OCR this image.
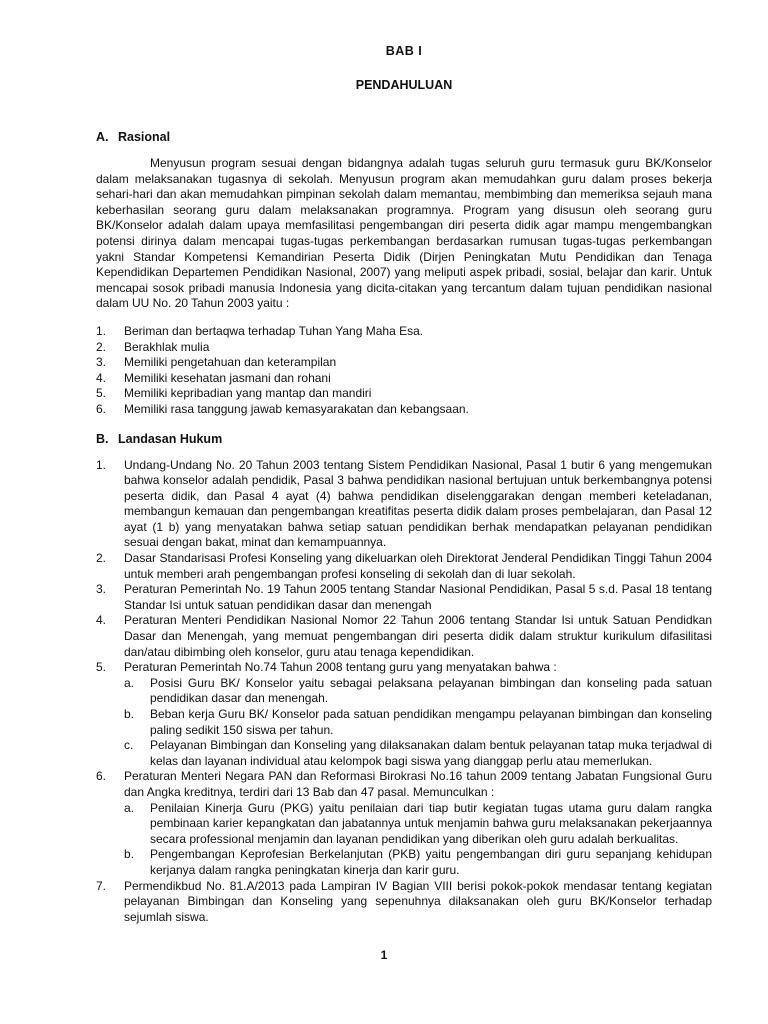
BAB I
PENDAHULUAN
A. Rasional

Menyusun program sesuai dengan bidangnya adalah tugas seluruh guru termasuk guru BK/Konselor dalam melaksanakan tugasnya di sekolah. Menyusun program akan memudahkan guru dalam proses bekerja sehari-hari dan akan memudahkan pimpinan sekolah dalam memantau, membimbing dan memeriksa sejauh mana keberhasilan seorang guru dalam melaksanakan programnya. Program yang disusun oleh seorang guru BK/Konselor adalah dalam upaya memfasilitasi pengembangan diri peserta didik agar mampu mengembangkan potensi dirinya dalam mencapai tugas-tugas perkembangan berdasarkan rumusan tugas-tugas perkembangan yakni Standar Kompetensi Kemandirian Peserta Didik (Dirjen Peningkatan Mutu Pendidikan dan Tenaga Kependidikan Departemen Pendidikan Nasional, 2007) yang meliputi aspek pribadi, sosial, belajar dan karir. Untuk mencapai sosok pribadi manusia Indonesia yang dicita-citakan yang tercantum dalam tujuan pendidikan nasional dalam UU No. 20 Tahun 2003 yaitu :

1.	Beriman dan bertaqwa terhadap Tuhan Yang Maha Esa.
2.	Berakhlak mulia
3.	Memiliki pengetahuan dan keterampilan
4.	Memiliki kesehatan jasmani dan rohani
5.	Memiliki kepribadian yang mantap dan mandiri
6.	Memiliki rasa tanggung jawab kemasyarakatan dan kebangsaan.
B. Landasan Hukum
1.	Undang-Undang No. 20 Tahun 2003 tentang Sistem Pendidikan Nasional, Pasal 1 butir 6 yang mengemukan bahwa konselor adalah pendidik, Pasal 3 bahwa pendidikan nasional bertujuan untuk berkembangnya potensi peserta didik, dan Pasal 4 ayat (4) bahwa pendidikan diselenggarakan dengan memberi keteladanan, membangun kemauan dan pengembangan kreatifitas peserta didik dalam proses pembelajaran, dan Pasal 12 ayat (1 b) yang menyatakan bahwa setiap satuan pendidikan berhak mendapatkan pelayanan pendidikan sesuai dengan bakat, minat dan kemampuannya.
2.	Dasar Standarisasi Profesi Konseling yang dikeluarkan oleh Direktorat Jenderal Pendidikan Tinggi Tahun 2004 untuk memberi arah pengembangan profesi konseling di sekolah dan di luar sekolah.
3.	Peraturan Pemerintah No. 19 Tahun 2005 tentang Standar Nasional Pendidikan, Pasal 5 s.d. Pasal 18 tentang Standar Isi untuk satuan pendidikan dasar dan menengah
4.	Peraturan Menteri Pendidikan Nasional Nomor 22 Tahun 2006 tentang Standar Isi untuk Satuan Pendidkan Dasar dan Menengah, yang memuat pengembangan diri peserta didik dalam struktur kurikulum difasilitasi dan/atau dibimbing oleh konselor, guru atau tenaga kependidikan.
5.	Peraturan Pemerintah No.74 Tahun 2008 tentang guru yang menyatakan bahwa :
a.	Posisi Guru BK/ Konselor yaitu sebagai pelaksana pelayanan bimbingan dan konseling pada satuan pendidikan dasar dan menengah.
b.	Beban kerja Guru BK/ Konselor pada satuan pendidikan mengampu pelayanan bimbingan dan konseling paling sedikit 150 siswa per tahun.
c.	Pelayanan Bimbingan dan Konseling yang dilaksanakan dalam bentuk pelayanan tatap muka terjadwal di kelas dan layanan individual atau kelompok bagi siswa yang dianggap perlu atau memerlukan.
6.	Peraturan Menteri Negara PAN dan Reformasi Birokrasi No.16 tahun 2009 tentang Jabatan Fungsional Guru dan Angka kreditnya, terdiri dari 13 Bab dan 47 pasal. Memunculkan :
a.	Penilaian Kinerja Guru (PKG) yaitu penilaian dari tiap butir kegiatan tugas utama guru dalam rangka pembinaan karier kepangkatan dan jabatannya untuk menjamin bahwa guru melaksanakan pekerjaannya secara professional menjamin dan layanan pendidikan yang diberikan oleh guru adalah berkualitas.
b.	Pengembangan Keprofesian Berkelanjutan (PKB) yaitu pengembangan diri guru sepanjang kehidupan kerjanya dalam rangka peningkatan kinerja dan karir guru.
7.	Permendikbud No. 81.A/2013 pada Lampiran IV Bagian VIII berisi pokok-pokok mendasar tentang kegiatan pelayanan Bimbingan dan Konseling yang sepenuhnya dilaksanakan oleh guru BK/Konselor terhadap sejumlah siswa.
1
